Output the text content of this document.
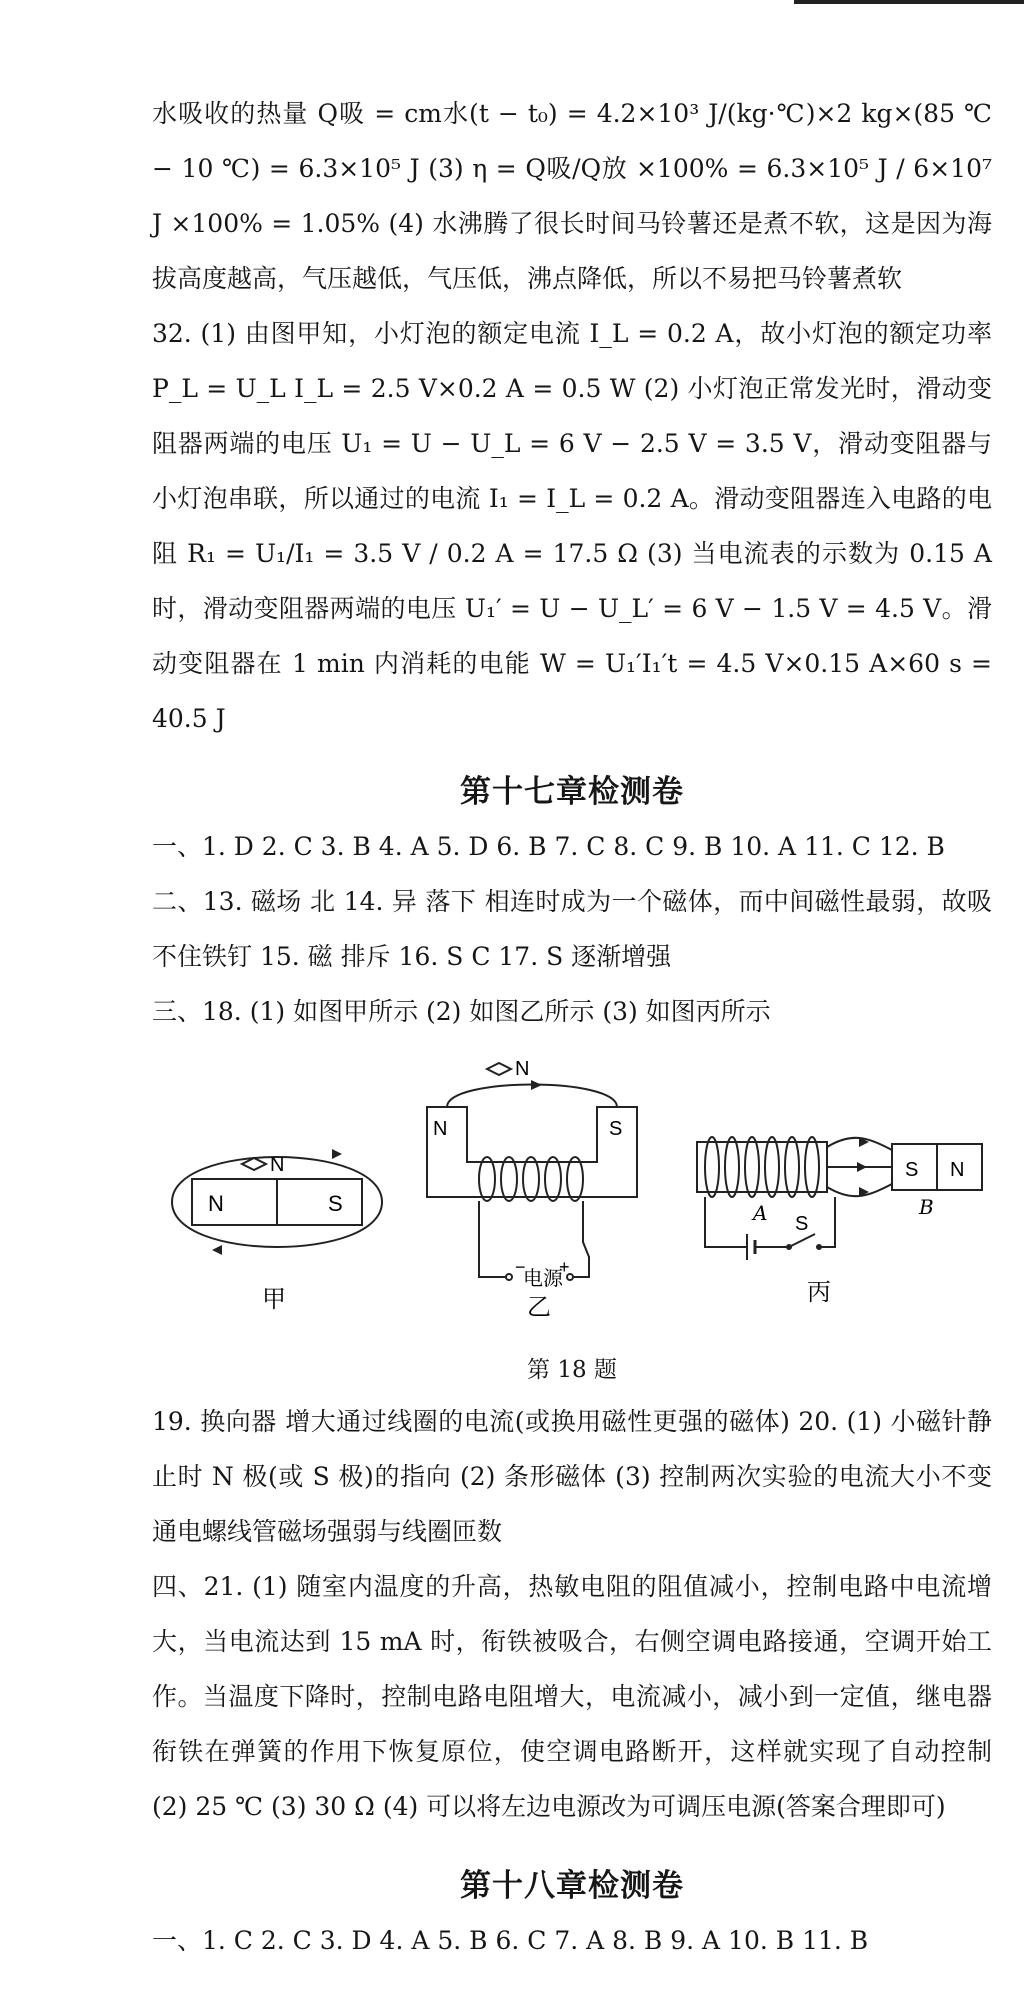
水吸收的热量 Q吸 = cm水(t − t₀) = 4.2×10³ J/(kg·℃)×2 kg×(85 ℃ − 10 ℃) = 6.3×10⁵ J (3) η = Q吸/Q放 ×100% = 6.3×10⁵ J / 6×10⁷ J ×100% = 1.05% (4) 水沸腾了很长时间马铃薯还是煮不软，这是因为海拔高度越高，气压越低，气压低，沸点降低，所以不易把马铃薯煮软

32. (1) 由图甲知，小灯泡的额定电流 I_L = 0.2 A，故小灯泡的额定功率 P_L = U_L I_L = 2.5 V×0.2 A = 0.5 W (2) 小灯泡正常发光时，滑动变阻器两端的电压 U₁ = U − U_L = 6 V − 2.5 V = 3.5 V，滑动变阻器与小灯泡串联，所以通过的电流 I₁ = I_L = 0.2 A。滑动变阻器连入电路的电阻 R₁ = U₁/I₁ = 3.5 V / 0.2 A = 17.5 Ω (3) 当电流表的示数为 0.15 A 时，滑动变阻器两端的电压 U₁′ = U − U_L′ = 6 V − 1.5 V = 4.5 V。滑动变阻器在 1 min 内消耗的电能 W = U₁′I₁′t = 4.5 V×0.15 A×60 s = 40.5 J

第十七章检测卷

一、1. D 2. C 3. B 4. A 5. D 6. B 7. C 8. C 9. B 10. A 11. C 12. B

二、13. 磁场 北 14. 异 落下 相连时成为一个磁体，而中间磁性最弱，故吸不住铁钉 15. 磁 排斥 16. S C 17. S 逐渐增强

三、18. (1) 如图甲所示 (2) 如图乙所示 (3) 如图丙所示

N	S
N
甲
N
N	S
−
电源
+
乙
S N
A	B
S
丙
第 18 题

19. 换向器 增大通过线圈的电流(或换用磁性更强的磁体) 20. (1) 小磁针静止时 N 极(或 S 极)的指向 (2) 条形磁体 (3) 控制两次实验的电流大小不变 通电螺线管磁场强弱与线圈匝数

四、21. (1) 随室内温度的升高，热敏电阻的阻值减小，控制电路中电流增大，当电流达到 15 mA 时，衔铁被吸合，右侧空调电路接通，空调开始工作。当温度下降时，控制电路电阻增大，电流减小，减小到一定值，继电器衔铁在弹簧的作用下恢复原位，使空调电路断开，这样就实现了自动控制 (2) 25 ℃ (3) 30 Ω (4) 可以将左边电源改为可调压电源(答案合理即可)

第十八章检测卷

一、1. C 2. C 3. D 4. A 5. B 6. C 7. A 8. B 9. A 10. B 11. B
